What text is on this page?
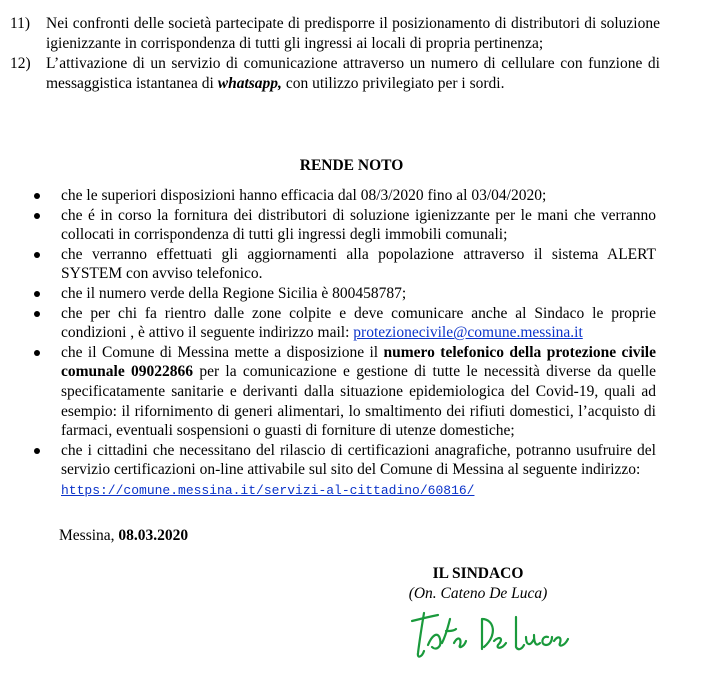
11) Nei confronti delle società partecipate di predisporre il posizionamento di distributori di soluzione igienizzante in corrispondenza di tutti gli ingressi ai locali di propria pertinenza;
12) L’attivazione di un servizio di comunicazione attraverso un numero di cellulare con funzione di messaggistica istantanea di whatsapp, con utilizzo privilegiato per i sordi.
RENDE NOTO
che le superiori disposizioni hanno efficacia dal 08/3/2020 fino al 03/04/2020;
che é in corso la fornitura dei distributori di soluzione igienizzante per le mani che verranno collocati in corrispondenza di tutti gli ingressi degli immobili comunali;
che verranno effettuati gli aggiornamenti alla popolazione attraverso il sistema ALERT SYSTEM con avviso telefonico.
che il numero verde della Regione Sicilia è 800458787;
che per chi fa rientro dalle zone colpite e deve comunicare anche al Sindaco le proprie condizioni , è attivo il seguente indirizzo mail: protezionecivile@comune.messina.it
che il Comune di Messina mette a disposizione il numero telefonico della protezione civile comunale 09022866 per la comunicazione e gestione di tutte le necessità diverse da quelle specificatamente sanitarie e derivanti dalla situazione epidemiologica del Covid-19, quali ad esempio: il rifornimento di generi alimentari, lo smaltimento dei rifiuti domestici, l’acquisto di farmaci, eventuali sospensioni o guasti di forniture di utenze domestiche;
che i cittadini che necessitano del rilascio di certificazioni anagrafiche, potranno usufruire del servizio certificazioni on-line attivabile sul sito del Comune di Messina al seguente indirizzo:
https://comune.messina.it/servizi-al-cittadino/60816/
Messina, 08.03.2020
IL SINDACO
(On. Cateno De Luca)
